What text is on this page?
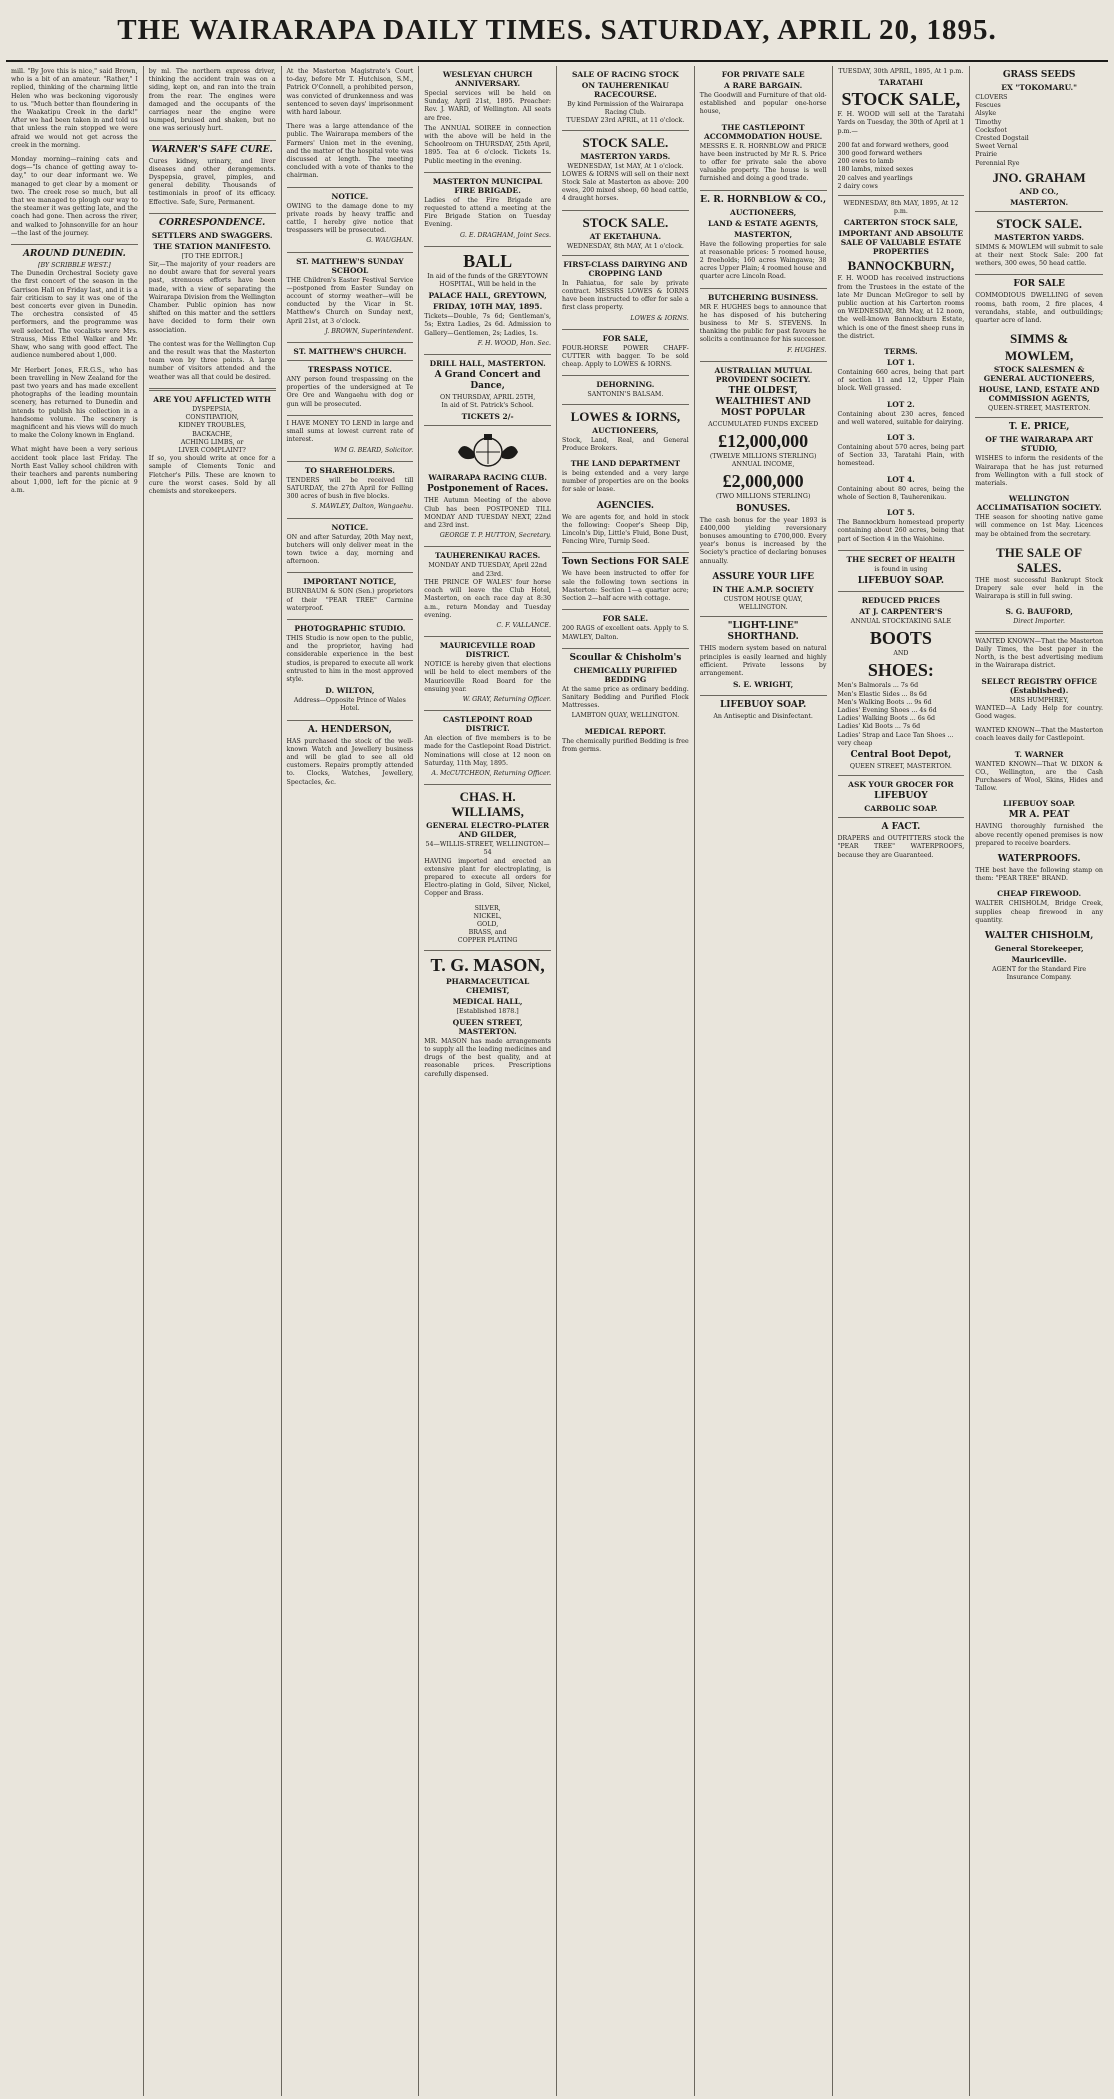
THE WAIRARAPA DAILY TIMES. SATURDAY, APRIL 20, 1895.

mill. "By Jove this is nice," said Brown, who is a bit of an amateur. "Rather," I replied, thinking of the charming little Helen who was beckoning vigorously to us. "Much better than floundering in the Waakatipu Creek in the dark!" After we had been taken in and told us that unless the rain stopped we were afraid we would not get across the creek in the morning.

Monday morning—raining cats and dogs—"Is chance of getting away to-day," to our dear informant we. We managed to get clear by a moment or two. The creek rose so much, but all that we managed to plough our way to the steamer it was getting late, and the coach had gone. Then across the river, and walked to Johnsonville for an hour—the last of the journey.

AROUND DUNEDIN.
[BY SCRIBBLE WEST.]

The Dunedin Orchestral Society gave the first concert of the season in the Garrison Hall on Friday last, and it is a fair criticism to say it was one of the best concerts ever given in Dunedin. The orchestra consisted of 45 performers, and the programme was well selected. The vocalists were Mrs. Strauss, Miss Ethel Walker and Mr. Shaw, who sang with good effect. The audience numbered about 1,000.

Mr Herbert Jones, F.R.G.S., who has been travelling in New Zealand for the past two years and has made excellent photographs of the leading mountain scenery, has returned to Dunedin and intends to publish his collection in a handsome volume. The scenery is magnificent and his views will do much to make the Colony known in England.

What might have been a very serious accident took place last Friday. The North East Valley school children with their teachers and parents numbering about 1,000, left for the picnic at 9 a.m.

by ml. The northern express driver, thinking the accident train was on a siding, kept on, and ran into the train from the rear. The engines were damaged and the occupants of the carriages near the engine were bumped, bruised and shaken, but no one was seriously hurt.

WARNER'S SAFE CURE.

Cures kidney, urinary, and liver diseases and other derangements. Dyspepsia, gravel, pimples, and general debility. Thousands of testimonials in proof of its efficacy. Effective. Safe, Sure, Permanent.

CORRESPONDENCE.
SETTLERS AND SWAGGERS.
THE STATION MANIFESTO.
[TO THE EDITOR.]

Sir,—The majority of your readers are no doubt aware that for several years past, strenuous efforts have been made, with a view of separating the Wairarapa Division from the Wellington Chamber. Public opinion has now shifted on this matter and the settlers have decided to form their own association.

The contest was for the Wellington Cup and the result was that the Masterton team won by three points. A large number of visitors attended and the weather was all that could be desired.

ARE YOU AFFLICTED WITH
DYSPEPSIA,
CONSTIPATION,
KIDNEY TROUBLES,
BACKACHE,
ACHING LIMBS, or
LIVER COMPLAINT?

If so, you should write at once for a sample of Clements Tonic and Fletcher's Pills. These are known to cure the worst cases. Sold by all chemists and storekeepers.

At the Masterton Magistrate's Court to-day, before Mr T. Hutchison, S.M., Patrick O'Connell, a prohibited person, was convicted of drunkenness and was sentenced to seven days' imprisonment with hard labour.

There was a large attendance of the public. The Wairarapa members of the Farmers' Union met in the evening, and the matter of the hospital vote was discussed at length. The meeting concluded with a vote of thanks to the chairman.

NOTICE.

OWING to the damage done to my private roads by heavy traffic and cattle, I hereby give notice that trespassers will be prosecuted.

G. WAUGHAN.
ST. MATTHEW'S SUNDAY SCHOOL

THE Children's Easter Festival Service—postponed from Easter Sunday on account of stormy weather—will be conducted by the Vicar in St. Matthew's Church on Sunday next, April 21st, at 3 o'clock.

J. BROWN, Superintendent.
ST. MATTHEW'S CHURCH.
TRESPASS NOTICE.

ANY person found trespassing on the properties of the undersigned at Te Ore Ore and Wangaehu with dog or gun will be prosecuted.

I HAVE MONEY TO LEND in large and small sums at lowest current rate of interest.

WM G. BEARD, Solicitor.
TO SHAREHOLDERS.

TENDERS will be received till SATURDAY, the 27th April for Felling 300 acres of bush in five blocks.

S. MAWLEY, Dalton, Wangaehu.
NOTICE.

ON and after Saturday, 20th May next, butchers will only deliver meat in the town twice a day, morning and afternoon.

IMPORTANT NOTICE,

BURNBAUM & SON (Sen.) proprietors of their "PEAR TREE" Carmine waterproof.

PHOTOGRAPHIC STUDIO.

THIS Studio is now open to the public, and the proprietor, having had considerable experience in the best studios, is prepared to execute all work entrusted to him in the most approved style.

D. WILTON,
Address—Opposite Prince of Wales Hotel.
A. HENDERSON,

HAS purchased the stock of the well-known Watch and Jewellery business and will be glad to see all old customers. Repairs promptly attended to. Clocks, Watches, Jewellery, Spectacles, &c.

WESLEYAN CHURCH ANNIVERSARY.

Special services will be held on Sunday, April 21st, 1895. Preacher: Rev. J. WARD, of Wellington. All seats are free.

The ANNUAL SOIREE in connection with the above will be held in the Schoolroom on THURSDAY, 25th April, 1895. Tea at 6 o'clock. Tickets 1s. Public meeting in the evening.

MASTERTON MUNICIPAL FIRE BRIGADE.

Ladies of the Fire Brigade are requested to attend a meeting at the Fire Brigade Station on Tuesday Evening.

G. E. DRAGHAM, Joint Secs.
BALL
In aid of the funds of the GREYTOWN HOSPITAL, Will be held in the
PALACE HALL, GREYTOWN,
FRIDAY, 10TH MAY, 1895.

Tickets—Double, 7s 6d; Gentleman's, 5s; Extra Ladies, 2s 6d. Admission to Gallery—Gentlemen, 2s; Ladies, 1s.

F. H. WOOD, Hon. Sec.
DRILL HALL, MASTERTON.
A Grand Concert and Dance,
ON THURSDAY, APRIL 25TH,
In aid of St. Patrick's School.
TICKETS 2/-
WAIRARAPA RACING CLUB.
Postponement of Races.

THE Autumn Meeting of the above Club has been POSTPONED TILL MONDAY AND TUESDAY NEXT, 22nd and 23rd inst.

GEORGE T. P. HUTTON, Secretary.
TAUHERENIKAU RACES.
MONDAY AND TUESDAY, April 22nd and 23rd.

THE PRINCE OF WALES' four horse coach will leave the Club Hotel, Masterton, on each race day at 8:30 a.m., return Monday and Tuesday evening.

C. F. VALLANCE.
MAURICEVILLE ROAD DISTRICT.

NOTICE is hereby given that elections will be held to elect members of the Mauriceville Road Board for the ensuing year.

W. GRAY, Returning Officer.
CASTLEPOINT ROAD DISTRICT.

An election of five members is to be made for the Castlepoint Road District. Nominations will close at 12 noon on Saturday, 11th May, 1895.

A. McCUTCHEON, Returning Officer.
CHAS. H. WILLIAMS,
GENERAL ELECTRO-PLATER AND GILDER,
54—WILLIS-STREET, WELLINGTON—54

HAVING imported and erected an extensive plant for electroplating, is prepared to execute all orders for Electro-plating in Gold, Silver, Nickel, Copper and Brass.

SILVER,
NICKEL,
GOLD,
BRASS, and
COPPER PLATING
T. G. MASON,
PHARMACEUTICAL CHEMIST,
MEDICAL HALL,
[Established 1878.]
QUEEN STREET, MASTERTON.

MR. MASON has made arrangements to supply all the leading medicines and drugs of the best quality, and at reasonable prices. Prescriptions carefully dispensed.

SALE OF RACING STOCK
ON TAUHERENIKAU RACECOURSE.
By kind Permission of the Wairarapa Racing Club.
TUESDAY 23rd APRIL, at 11 o'clock.
STOCK SALE.
MASTERTON YARDS.
WEDNESDAY, 1st MAY, At 1 o'clock.

LOWES & IORNS will sell on their next Stock Sale at Masterton as above: 200 ewes, 200 mixed sheep, 60 head cattle, 4 draught horses.

STOCK SALE.
AT EKETAHUNA.
WEDNESDAY, 8th MAY, At 1 o'clock.
FIRST-CLASS DAIRYING AND CROPPING LAND

In Pahiatua, for sale by private contract. MESSRS LOWES & IORNS have been instructed to offer for sale a first class property.

LOWES & IORNS.
FOR SALE,

FOUR-HORSE POWER CHAFF-CUTTER with bagger. To be sold cheap. Apply to LOWES & IORNS.

DEHORNING.
SANTONIN'S BALSAM.
LOWES & IORNS,
AUCTIONEERS,

Stock, Land, Real, and General Produce Brokers.

THE LAND DEPARTMENT

is being extended and a very large number of properties are on the books for sale or lease.

AGENCIES.

We are agents for, and hold in stock the following: Cooper's Sheep Dip, Lincoln's Dip, Little's Fluid, Bone Dust, Fencing Wire, Turnip Seed.

Town Sections FOR SALE

We have been instructed to offer for sale the following town sections in Masterton: Section 1—a quarter acre; Section 2—half acre with cottage.

FOR SALE.

200 RAGS of excellent oats. Apply to S. MAWLEY, Dalton.

Scoullar & Chisholm's
CHEMICALLY PURIFIED BEDDING

At the same price as ordinary bedding. Sanitary Bedding and Purified Flock Mattresses.

LAMBTON QUAY, WELLINGTON.
MEDICAL REPORT.

The chemically purified Bedding is free from germs.

FOR PRIVATE SALE
A RARE BARGAIN.

The Goodwill and Furniture of that old-established and popular one-horse house,

THE CASTLEPOINT ACCOMMODATION HOUSE.

MESSRS E. R. HORNBLOW and PRICE have been instructed by Mr R. S. Price to offer for private sale the above valuable property. The house is well furnished and doing a good trade.

E. R. HORNBLOW & CO.,
AUCTIONEERS,
LAND & ESTATE AGENTS,
MASTERTON,

Have the following properties for sale at reasonable prices: 5 roomed house, 2 freeholds; 160 acres Waingawa; 38 acres Upper Plain; 4 roomed house and quarter acre Lincoln Road.

BUTCHERING BUSINESS.

MR F. HUGHES begs to announce that he has disposed of his butchering business to Mr S. STEVENS. In thanking the public for past favours he solicits a continuance for his successor.

F. HUGHES.
AUSTRALIAN MUTUAL PROVIDENT SOCIETY.
THE OLDEST, WEALTHIEST AND MOST POPULAR
ACCUMULATED FUNDS EXCEED
£12,000,000
(TWELVE MILLIONS STERLING)
ANNUAL INCOME,
£2,000,000
(TWO MILLIONS STERLING)
BONUSES.

The cash bonus for the year 1893 is £400,000 yielding reversionary bonuses amounting to £700,000. Every year's bonus is increased by the Society's practice of declaring bonuses annually.

ASSURE YOUR LIFE
IN THE A.M.P. SOCIETY
CUSTOM HOUSE QUAY, WELLINGTON.
"LIGHT-LINE" SHORTHAND.

THIS modern system based on natural principles is easily learned and highly efficient. Private lessons by arrangement.

S. E. WRIGHT,
LIFEBUOY SOAP.
An Antiseptic and Disinfectant.
TUESDAY, 30th APRIL, 1895, At 1 p.m.
TARATAHI
STOCK SALE,

F. H. WOOD will sell at the Taratahi Yards on Tuesday, the 30th of April at 1 p.m.—

200 fat and forward wethers, good
300 good forward wethers
200 ewes to lamb
180 lambs, mixed sexes
20 calves and yearlings
2 dairy cows
WEDNESDAY, 8th MAY, 1895, At 12 p.m.
CARTERTON STOCK SALE,
IMPORTANT AND ABSOLUTE SALE OF VALUABLE ESTATE PROPERTIES
BANNOCKBURN,

F. H. WOOD has received instructions from the Trustees in the estate of the late Mr Duncan McGregor to sell by public auction at his Carterton rooms on WEDNESDAY, 8th May, at 12 noon, the well-known Bannockburn Estate, which is one of the finest sheep runs in the district.

TERMS.
LOT 1.

Containing 660 acres, being that part of section 11 and 12, Upper Plain block. Well grassed.

LOT 2.

Containing about 230 acres, fenced and well watered, suitable for dairying.

LOT 3.

Containing about 570 acres, being part of Section 33, Taratahi Plain, with homestead.

LOT 4.

Containing about 80 acres, being the whole of Section 8, Tauherenikau.

LOT 5.

The Bannockburn homestead property containing about 260 acres, being that part of Section 4 in the Waiohine.

THE SECRET OF HEALTH
is found in using
LIFEBUOY SOAP.
REDUCED PRICES
AT J. CARPENTER'S
ANNUAL STOCKTAKING SALE
BOOTS
AND
SHOES:
Men's Balmorals ... 7s 6d
Men's Elastic Sides ... 8s 6d
Men's Walking Boots ... 9s 6d
Ladies' Evening Shoes ... 4s 6d
Ladies' Walking Boots ... 6s 6d
Ladies' Kid Boots ... 7s 6d
Ladies' Strap and Lace Tan Shoes ... very cheap
Central Boot Depot,
QUEEN STREET, MASTERTON.
ASK YOUR GROCER FOR
LIFEBUOY
CARBOLIC SOAP.
A FACT.

DRAPERS and OUTFITTERS stock the "PEAR TREE" WATERPROOFS, because they are Guaranteed.

GRASS SEEDS
EX "TOKOMARU."
CLOVERS
Fescues
Alsyke
Timothy
Cocksfoot
Crested Dogstail
Sweet Vernal
Prairie
Perennial Rye
JNO. GRAHAM
AND CO.,
MASTERTON.
STOCK SALE.
MASTERTON YARDS.

SIMMS & MOWLEM will submit to sale at their next Stock Sale: 200 fat wethers, 300 ewes, 50 head cattle.

FOR SALE

COMMODIOUS DWELLING of seven rooms, bath room, 2 fire places, 4 verandahs, stable, and outbuildings; quarter acre of land.

SIMMS &
MOWLEM,
STOCK SALESMEN & GENERAL AUCTIONEERS,
HOUSE, LAND, ESTATE AND COMMISSION AGENTS,
QUEEN-STREET, MASTERTON.
T. E. PRICE,
OF THE WAIRARAPA ART STUDIO,

WISHES to inform the residents of the Wairarapa that he has just returned from Wellington with a full stock of materials.

WELLINGTON ACCLIMATISATION SOCIETY.

THE season for shooting native game will commence on 1st May. Licences may be obtained from the secretary.

THE SALE OF SALES.

THE most successful Bankrupt Stock Drapery sale ever held in the Wairarapa is still in full swing.

S. G. BAUFORD,
Direct Importer.

WANTED KNOWN—That the Masterton Daily Times, the best paper in the North, is the best advertising medium in the Wairarapa district.

SELECT REGISTRY OFFICE (Established).
MRS HUMPHREY,

WANTED—A Lady Help for country. Good wages.

WANTED KNOWN—That the Masterton coach leaves daily for Castlepoint.

T. WARNER

WANTED KNOWN—That W. DIXON & CO., Wellington, are the Cash Purchasers of Wool, Skins, Hides and Tallow.

LIFEBUOY SOAP.
MR A. PEAT

HAVING thoroughly furnished the above recently opened premises is now prepared to receive boarders.

WATERPROOFS.

THE best have the following stamp on them: "PEAR TREE" BRAND.

CHEAP FIREWOOD.

WALTER CHISHOLM, Bridge Creek, supplies cheap firewood in any quantity.

WALTER CHISHOLM,
General Storekeeper,
Mauriceville.
AGENT for the Standard Fire Insurance Company.
